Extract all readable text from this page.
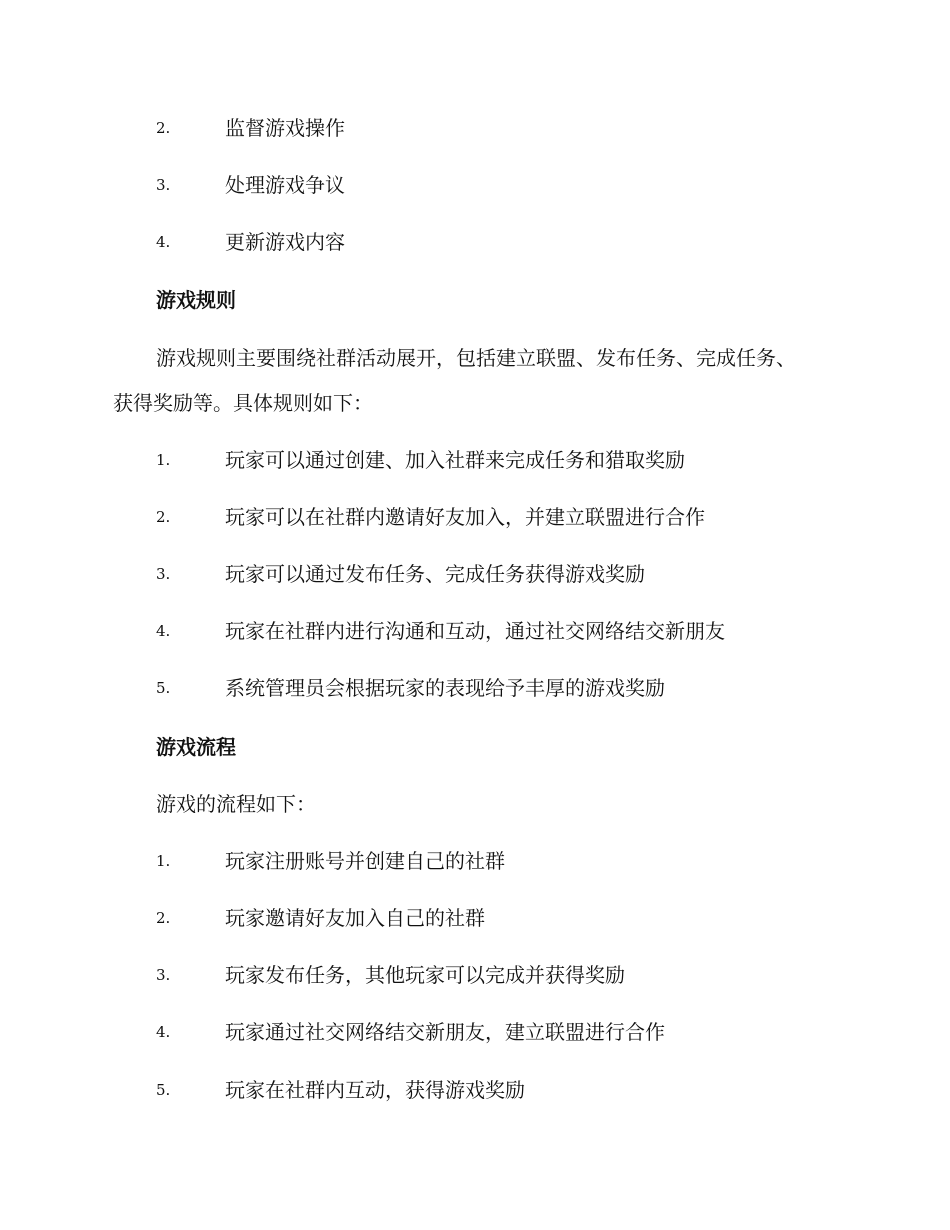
2.	监督游戏操作
3.	处理游戏争议
4.	更新游戏内容
游戏规则

游戏规则主要围绕社群活动展开，包括建立联盟、发布任务、完成任务、获得奖励等。具体规则如下：

1.	玩家可以通过创建、加入社群来完成任务和猎取奖励
2.	玩家可以在社群内邀请好友加入，并建立联盟进行合作
3.	玩家可以通过发布任务、完成任务获得游戏奖励
4.	玩家在社群内进行沟通和互动，通过社交网络结交新朋友
5.	系统管理员会根据玩家的表现给予丰厚的游戏奖励
游戏流程
游戏的流程如下：
1.	玩家注册账号并创建自己的社群
2.	玩家邀请好友加入自己的社群
3.	玩家发布任务，其他玩家可以完成并获得奖励
4.	玩家通过社交网络结交新朋友，建立联盟进行合作
5.	玩家在社群内互动，获得游戏奖励
